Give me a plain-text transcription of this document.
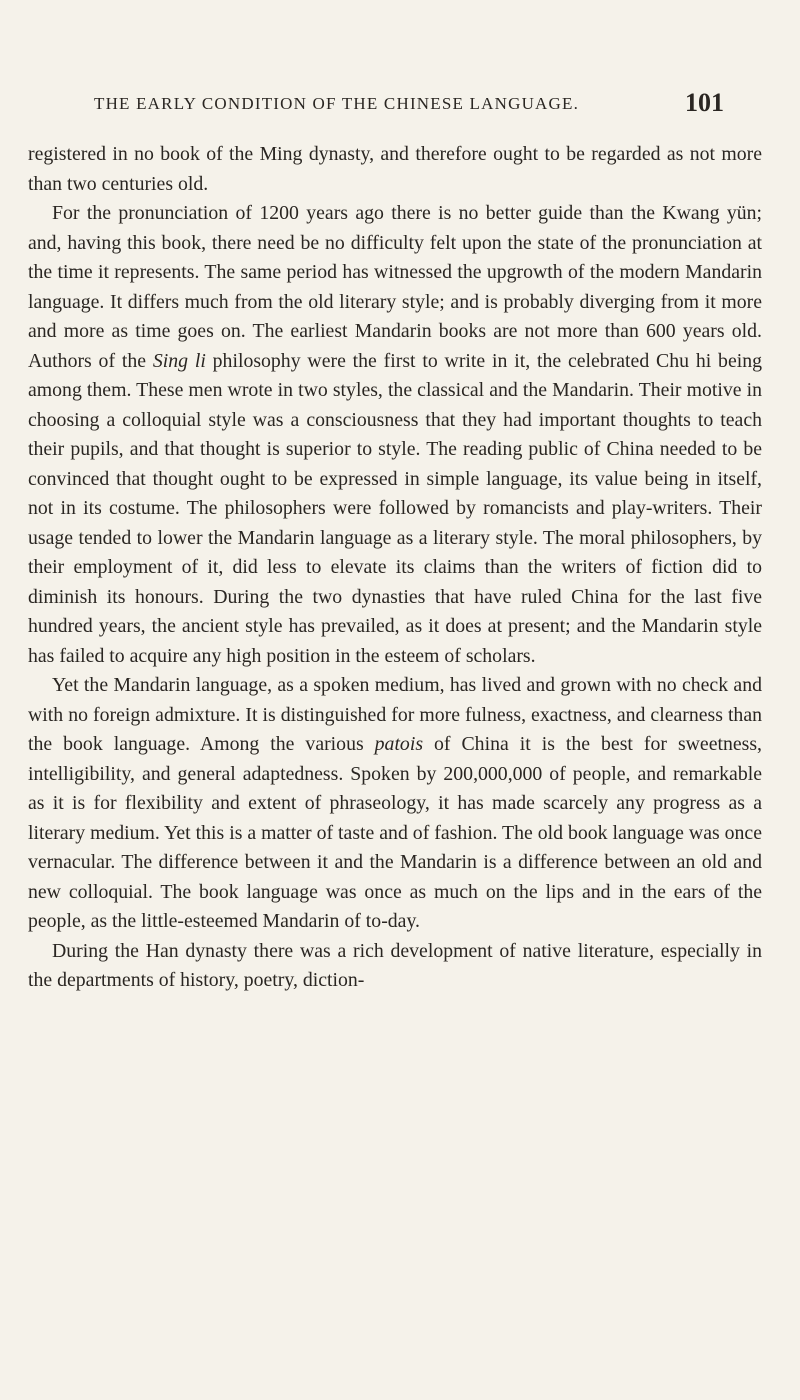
THE EARLY CONDITION OF THE CHINESE LANGUAGE.	101

registered in no book of the Ming dynasty, and therefore ought to be regarded as not more than two centuries old.

For the pronunciation of 1200 years ago there is no better guide than the Kwang yün; and, having this book, there need be no difficulty felt upon the state of the pronunciation at the time it represents. The same period has witnessed the upgrowth of the modern Mandarin language. It differs much from the old literary style; and is probably diverging from it more and more as time goes on. The earliest Mandarin books are not more than 600 years old. Authors of the Sing li philosophy were the first to write in it, the celebrated Chu hi being among them. These men wrote in two styles, the classical and the Mandarin. Their motive in choosing a colloquial style was a consciousness that they had important thoughts to teach their pupils, and that thought is superior to style. The reading public of China needed to be convinced that thought ought to be expressed in simple language, its value being in itself, not in its costume. The philosophers were followed by romancists and play-writers. Their usage tended to lower the Mandarin language as a literary style. The moral philosophers, by their employment of it, did less to elevate its claims than the writers of fiction did to diminish its honours. During the two dynasties that have ruled China for the last five hundred years, the ancient style has prevailed, as it does at present; and the Mandarin style has failed to acquire any high position in the esteem of scholars.

Yet the Mandarin language, as a spoken medium, has lived and grown with no check and with no foreign admixture. It is distinguished for more fulness, exactness, and clearness than the book language. Among the various patois of China it is the best for sweetness, intelligibility, and general adaptedness. Spoken by 200,000,000 of people, and remarkable as it is for flexibility and extent of phraseology, it has made scarcely any progress as a literary medium. Yet this is a matter of taste and of fashion. The old book language was once vernacular. The difference between it and the Mandarin is a difference between an old and new colloquial. The book language was once as much on the lips and in the ears of the people, as the little-esteemed Mandarin of to-day.

During the Han dynasty there was a rich development of native literature, especially in the departments of history, poetry, diction-
